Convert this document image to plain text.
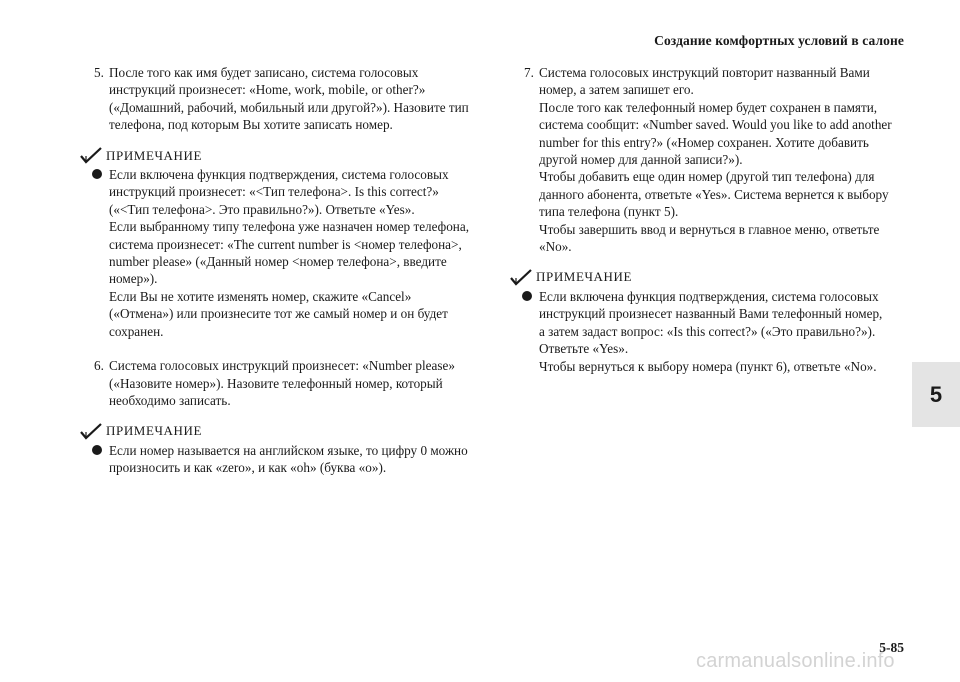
Создание комфортных условий в салоне
5. После того как имя будет записано, система голосовых

инструкций произнесет: «Home, work, mobile, or other?»

(«Домашний, рабочий, мобильный или другой?»). Назовите тип

телефона, под которым Вы хотите записать номер.

ПРИМЕЧАНИЕ

Если включена функция подтверждения, система голосовых

инструкций произнесет: «<Тип телефона>. Is this correct?»

(«<Тип телефона>. Это правильно?»). Ответьте «Yes».

Если выбранному типу телефона уже назначен номер телефона,

система произнесет: «The current number is <номер телефона>,

number please» («Данный номер <номер телефона>, введите

номер»).

Если Вы не хотите изменять номер, скажите «Cancel»

(«Отмена») или произнесите тот же самый номер и он будет

сохранен.

6. Система голосовых инструкций произнесет: «Number please»

(«Назовите номер»). Назовите телефонный номер, который

необходимо записать.

ПРИМЕЧАНИЕ

Если номер называется на английском языке, то цифру 0 можно

произносить и как «zero», и как «oh» (буква «o»).

7. Система голосовых инструкций повторит названный Вами

номер, а затем запишет его.

После того как телефонный номер будет сохранен в памяти,

система сообщит: «Number saved. Would you like to add another

number for this entry?» («Номер сохранен. Хотите добавить

другой номер для данной записи?»).

Чтобы добавить еще один номер (другой тип телефона) для

данного абонента, ответьте «Yes». Система вернется к выбору

типа телефона (пункт 5).

Чтобы завершить ввод и вернуться в главное меню, ответьте

«No».

ПРИМЕЧАНИЕ

Если включена функция подтверждения, система голосовых

инструкций произнесет названный Вами телефонный номер,

а затем задаст вопрос: «Is this correct?» («Это правильно?»).

Ответьте «Yes».

Чтобы вернуться к выбору номера (пункт 6), ответьте «No».

5
5-85
carmanualsonline.info
